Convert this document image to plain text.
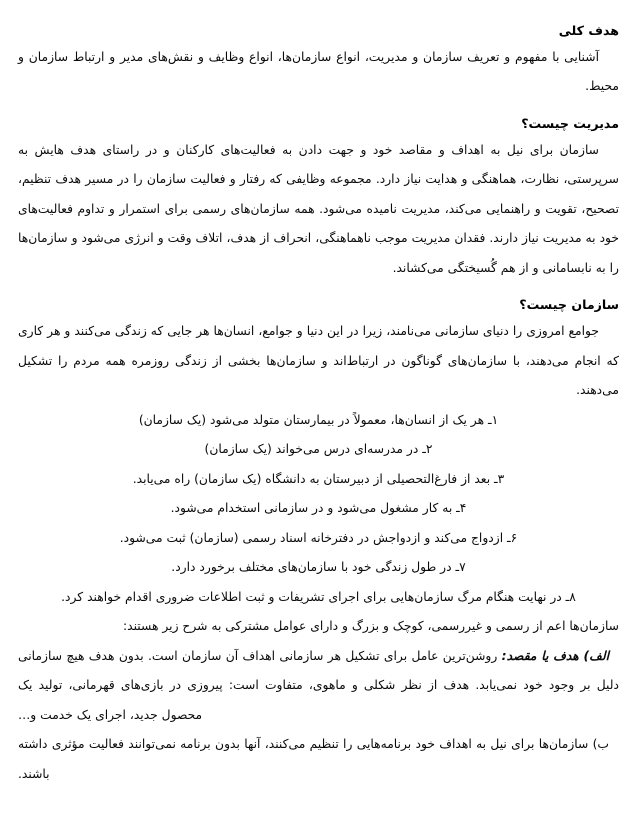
هدف کلی

آشنایی با مفهوم و تعریف سازمان و مدیریت، انواع سازمان‌ها، انواع وظایف و نقش‌های مدیر و ارتباط سازمان و محیط.

مدیریت چیست؟

سازمان برای نیل به اهداف و مقاصد خود و جهت دادن به فعالیت‌های کارکنان و در راستای هدف هایش به سرپرستی، نظارت، هماهنگی و هدایت نیاز دارد. مجموعه وظایفی که رفتار و فعالیت سازمان را در مسیر هدف تنظیم، تصحیح، تقویت و راهنمایی می‌کند، مدیریت نامیده می‌شود. همه سازمان‌های رسمی برای استمرار و تداوم فعالیت‌های خود به مدیریت نیاز دارند. فقدان مدیریت موجب ناهماهنگی، انحراف از هدف، اتلاف وقت و انرژی می‌شود و سازمان‌ها را به نابسامانی و از هم گُسیختگی می‌کشاند.

سازمان چیست؟

جوامع امروزی را دنیای سازمانی می‌نامند، زیرا در این دنیا و جوامع، انسان‌ها هر جایی که زندگی می‌کنند و هر کاری که انجام می‌دهند، با سازمان‌های گوناگون در ارتباط‌اند و سازمان‌ها بخشی از زندگی روزمره همه مردم را تشکیل می‌دهند.

۱ـ هر یک از انسان‌ها، معمولاً در بیمارستان متولد می‌شود (یک سازمان)
۲ـ در مدرسه‌ای درس می‌خواند (یک سازمان)
۳ـ بعد از فارغ‌التحصیلی از دبیرستان به دانشگاه (یک سازمان) راه می‌یابد.
۴ـ به کار مشغول می‌شود و در سازمانی استخدام می‌شود.
۶ـ ازدواج می‌کند و ازدواجش در دفترخانه اسناد رسمی (سازمان) ثبت می‌شود.
۷ـ در طول زندگی خود با سازمان‌های مختلف برخورد دارد.
۸ـ در نهایت هنگام مرگ سازمان‌هایی برای اجرای تشریفات و ثبت اطلاعات ضروری اقدام خواهند کرد.

سازمان‌ها اعم از رسمی و غیررسمی، کوچک و بزرگ و دارای عوامل مشترکی به شرح زیر هستند:

الف) هدف یا مقصد: روشن‌ترین عامل برای تشکیل هر سازمانی اهداف آن سازمان است. بدون هدف هیچ سازمانی دلیل بر وجود خود نمی‌یابد. هدف از نظر شکلی و ماهوی، متفاوت است: پیروزی در بازی‌های قهرمانی، تولید یک محصول جدید، اجرای یک خدمت و…

ب) سازمان‌ها برای نیل به اهداف خود برنامه‌هایی را تنظیم می‌کنند، آنها بدون برنامه نمی‌توانند فعالیت مؤثری داشته باشند.
